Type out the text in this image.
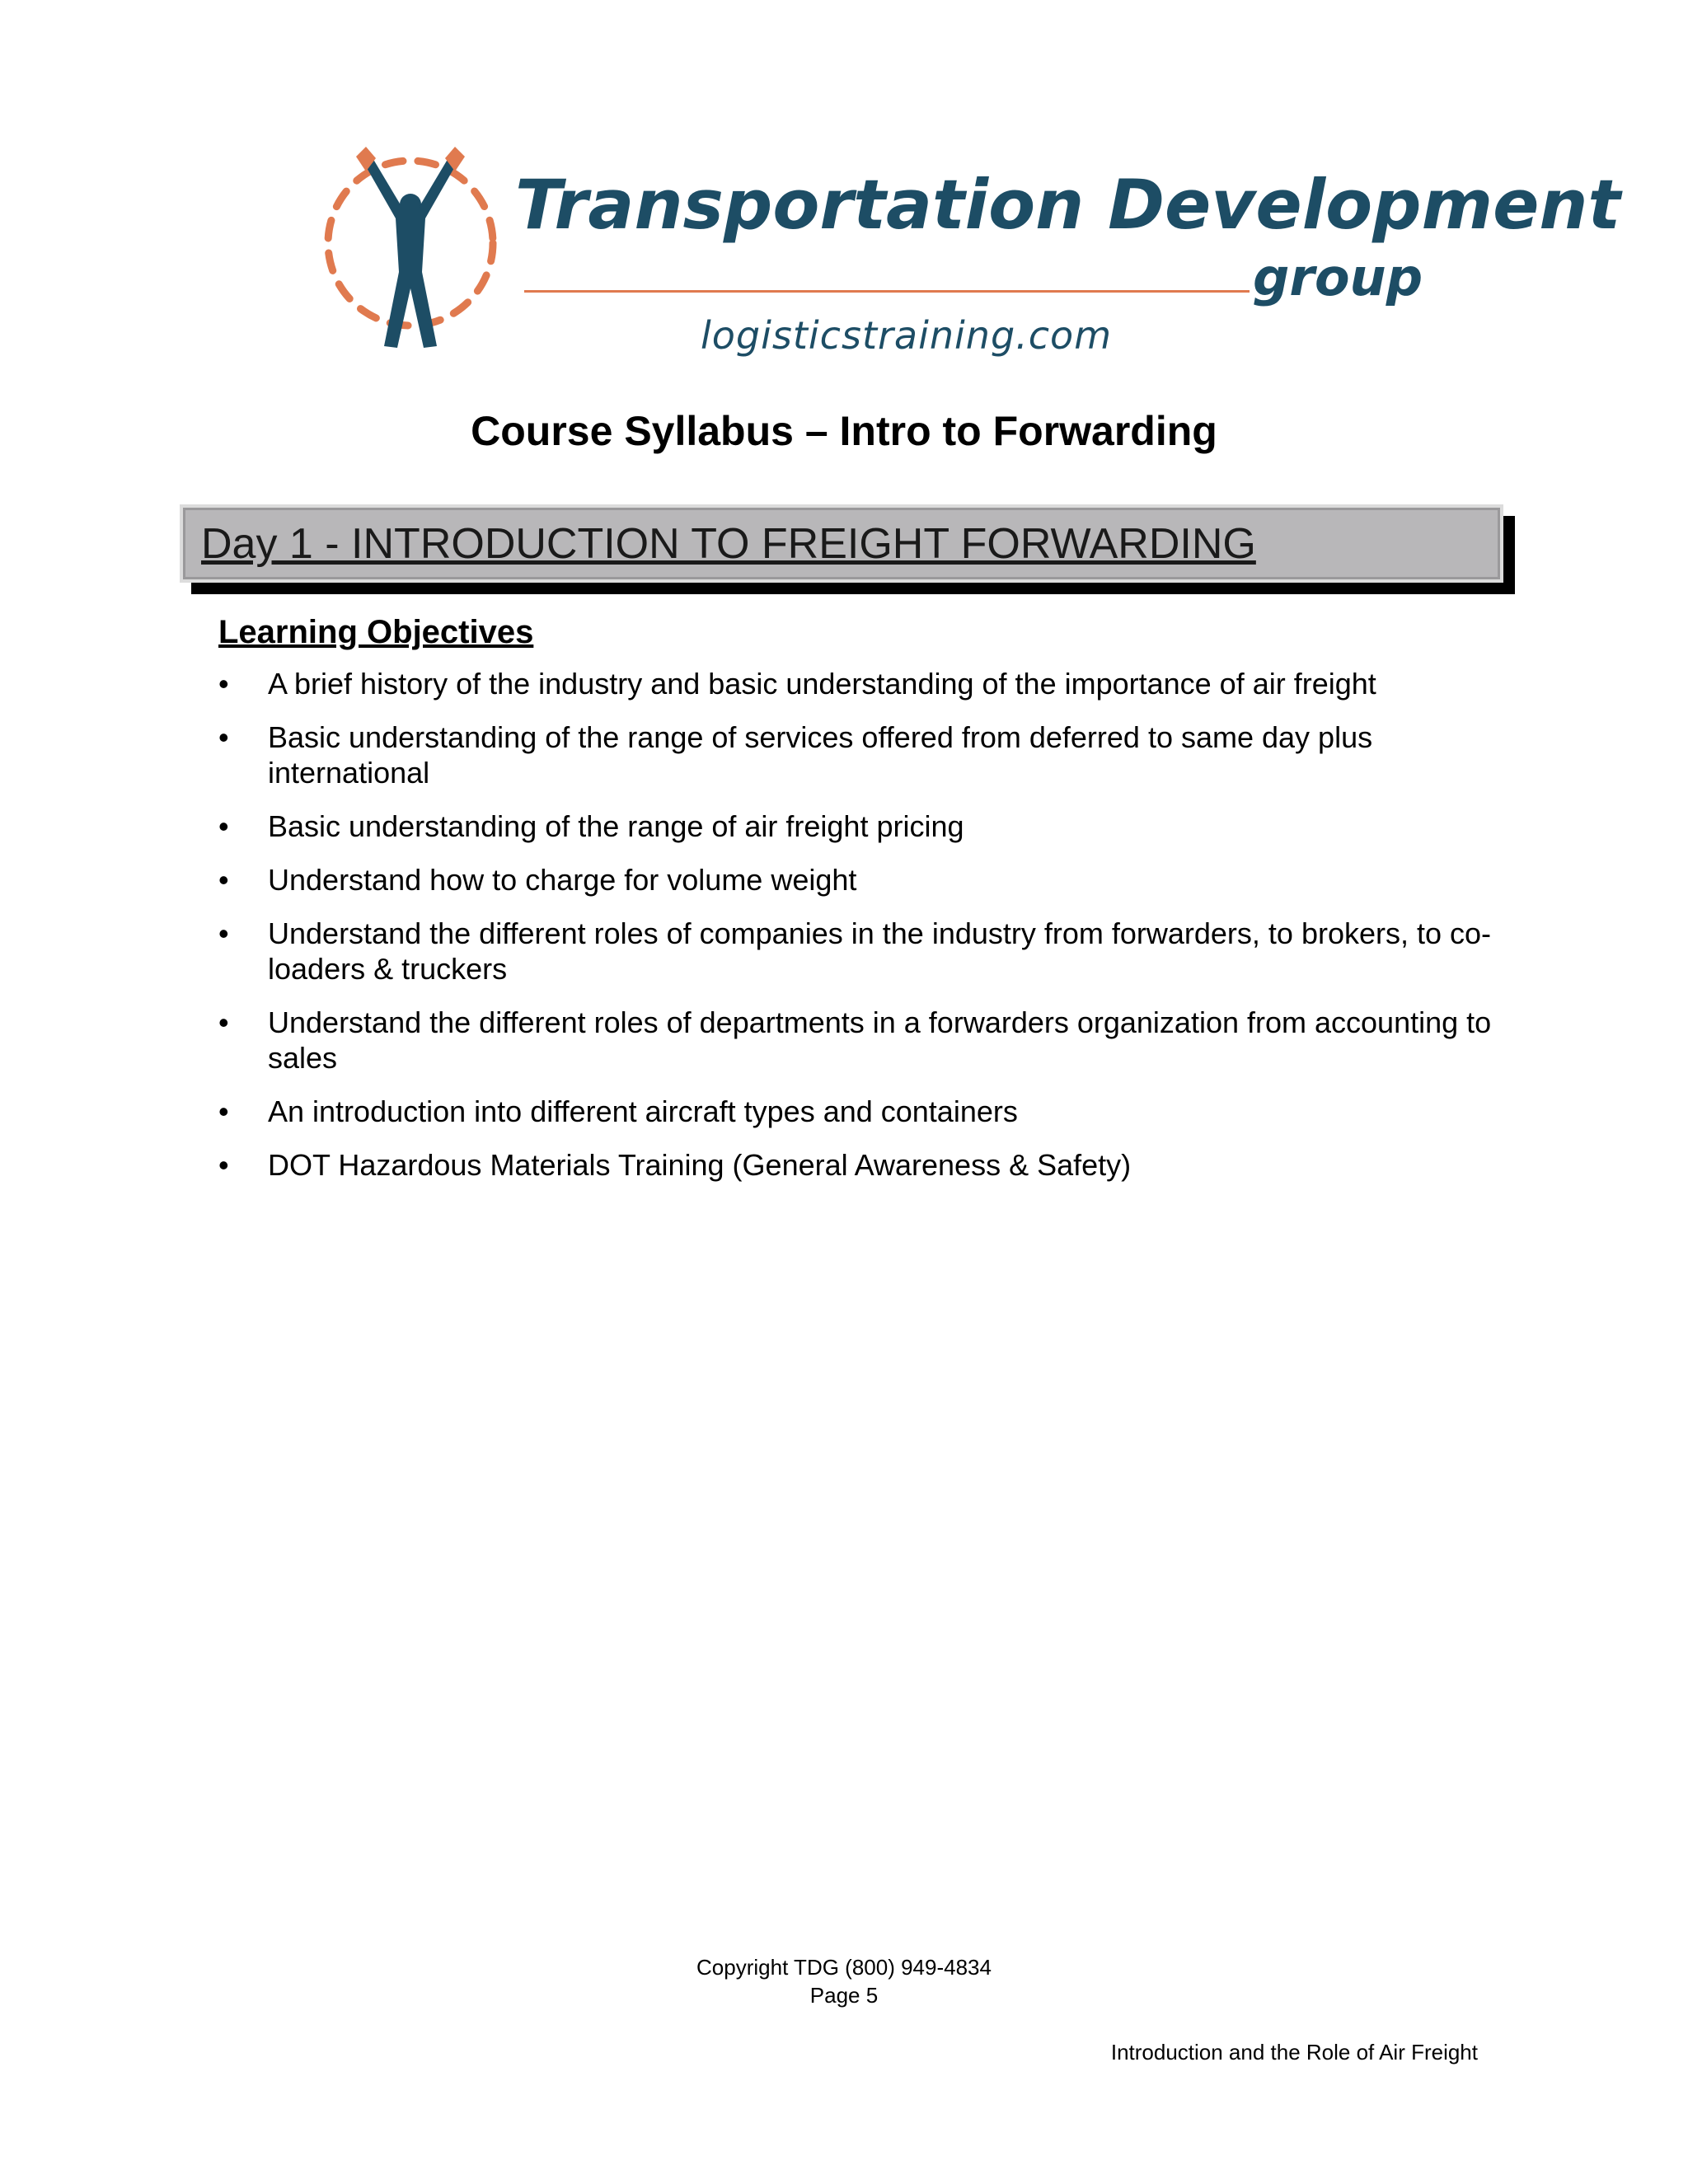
Transportation Development
group
logisticstraining.com
Course Syllabus – Intro to Forwarding
Day 1 - INTRODUCTION TO FREIGHT FORWARDING
Learning Objectives
• A brief history of the industry and basic understanding of the importance of air freight
• Basic understanding of the range of services offered from deferred to same day plus international
• Basic understanding of the range of air freight pricing
• Understand how to charge for volume weight
• Understand the different roles of companies in the industry from forwarders, to brokers, to co-loaders & truckers
• Understand the different roles of departments in a forwarders organization from accounting to sales
• An introduction into different aircraft types and containers
• DOT Hazardous Materials Training (General Awareness & Safety)
Copyright TDG (800) 949-4834
Page 5
Introduction and the Role of Air Freight
